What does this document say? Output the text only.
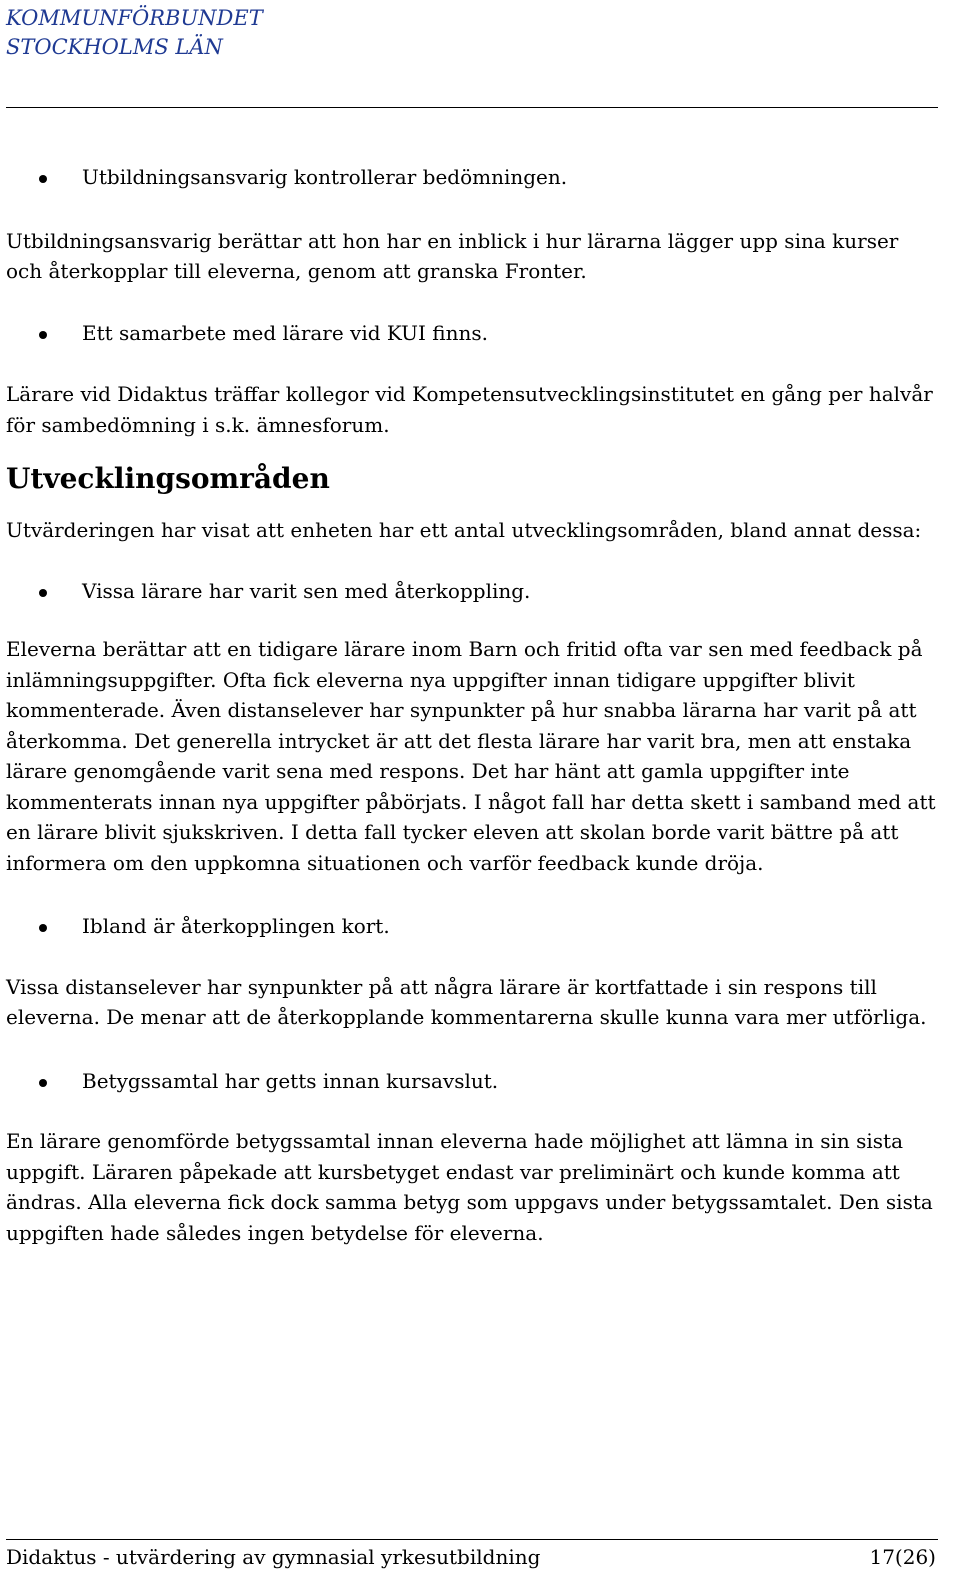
KOMMUNFÖRBUNDET
STOCKHOLMS LÄN

Utbildningsansvarig kontrollerar bedömningen.

Utbildningsansvarig berättar att hon har en inblick i hur lärarna lägger upp sina kurser och återkopplar till eleverna, genom att granska Fronter.

Ett samarbete med lärare vid KUI finns.

Lärare vid Didaktus träffar kollegor vid Kompetensutvecklingsinstitutet en gång per halvår för sambedömning i s.k. ämnesforum.

Utvecklingsområden

Utvärderingen har visat att enheten har ett antal utvecklingsområden, bland annat dessa:

Vissa lärare har varit sen med återkoppling.

Eleverna berättar att en tidigare lärare inom Barn och fritid ofta var sen med feedback på inlämningsuppgifter. Ofta fick eleverna nya uppgifter innan tidigare uppgifter blivit kommenterade. Även distanselever har synpunkter på hur snabba lärarna har varit på att återkomma. Det generella intrycket är att det flesta lärare har varit bra, men att enstaka lärare genomgående varit sena med respons. Det har hänt att gamla uppgifter inte kommenterats innan nya uppgifter påbörjats. I något fall har detta skett i samband med att en lärare blivit sjukskriven. I detta fall tycker eleven att skolan borde varit bättre på att informera om den uppkomna situationen och varför feedback kunde dröja.

Ibland är återkopplingen kort.

Vissa distanselever har synpunkter på att några lärare är kortfattade i sin respons till eleverna. De menar att de återkopplande kommentarerna skulle kunna vara mer utförliga.

Betygssamtal har getts innan kursavslut.

En lärare genomförde betygssamtal innan eleverna hade möjlighet att lämna in sin sista uppgift. Läraren påpekade att kursbetyget endast var preliminärt och kunde komma att ändras. Alla eleverna fick dock samma betyg som uppgavs under betygssamtalet. Den sista uppgiften hade således ingen betydelse för eleverna.

Didaktus - utvärdering av gymnasial yrkesutbildning	17(26)
